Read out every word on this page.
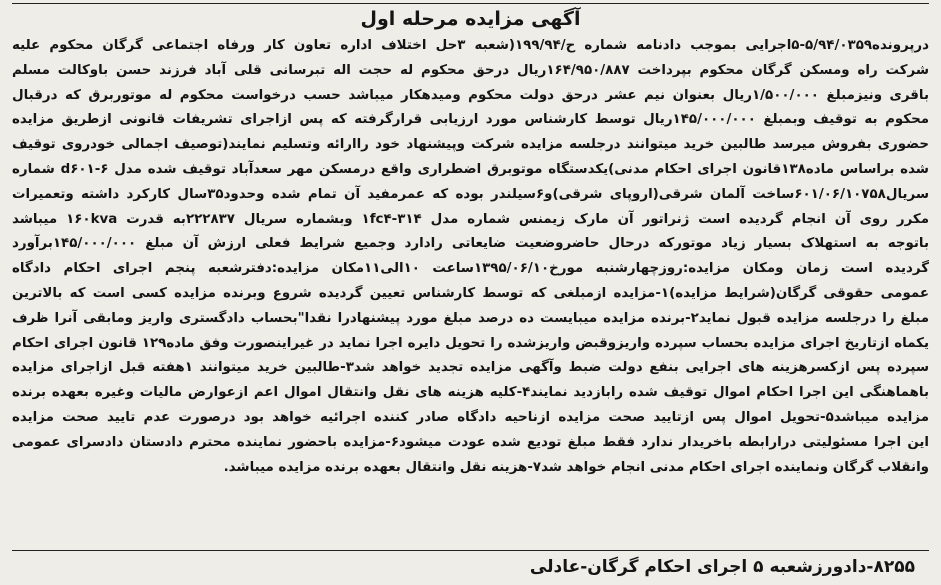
آگهی مزایده مرحله اول
درپرونده۵/۹۴/۰۳۵۹-۵اجرایی بموجب دادنامه شماره ح/۱۹۹/۹۴(شعبه ۳حل اختلاف اداره تعاون کار ورفاه اجتماعی گرگان محکوم علیه
شرکت راه ومسکن گرگان محکوم بپرداخت ۱۶۴/۹۵۰/۸۸۷ریال درحق محکوم له حجت اله تبرسانی قلی آباد فرزند حسن باوکالت مسلم
باقری ونیزمبلغ ۱/۵۰۰/۰۰۰ریال بعنوان نیم عشر درحق دولت محکوم ومیدهکار میباشد حسب درخواست محکوم له موتوربرق که درقبال
محکوم به توقیف وبمبلغ ۱۴۵/۰۰۰/۰۰۰ریال توسط کارشناس مورد ارزیابی قرارگرفته که پس ازاجرای تشریفات قانونی ازطریق مزایده
حضوری بفروش میرسد طالبین خرید میتوانند درجلسه مزایده شرکت وپیشنهاد خود راارائه وتسلیم نمایند(توصیف اجمالی خودروی توقیف
شده براساس ماده۱۳۸قانون اجرای احکام مدنی)یکدستگاه موتوبرق اضطراری واقع درمسکن مهر سعدآباد توقیف شده مدل d۶۰۱-۶ شماره
سریال۶۰۱/۰۶/۱۰۷۵۸ساخت آلمان شرقی(اروپای شرقی)و۶سیلندر بوده که عمرمفید آن تمام شده وحدود۳۵سال کارکرد داشته وتعمیرات
مکرر روی آن انجام گردیده است ژنراتور آن مارک زیمنس شماره مدل ۳۱۴-۱fc۴ وبشماره سریال ۲۲۲۸۳۷به قدرت ۱۶۰kva میباشد
باتوجه به استهلاک بسیار زیاد موتورکه درحال حاضروضعیت ضایعاتی رادارد وجمیع شرایط فعلی ارزش آن مبلغ ۱۴۵/۰۰۰/۰۰۰برآورد
گردیده است زمان ومکان مزایده:روزچهارشنبه مورخ۱۳۹۵/۰۶/۱۰ساعت ۱۰الی۱۱مکان مزایده:دفترشعبه پنجم اجرای احکام دادگاه
عمومی حقوقی گرگان(شرایط مزایده)۱-مزایده ازمبلغی که توسط کارشناس تعیین گردیده شروع وبرنده مزایده کسی است که بالاترین
مبلغ را درجلسه مزایده قبول نماید۲-برنده مزایده میبایست ده درصد مبلغ مورد پیشنهادرا نقدا"بحساب دادگستری واریز ومابقی آنرا ظرف
یکماه ازتاریخ اجرای مزایده بحساب سپرده واریزوقبض واریزشده را تحویل دایره اجرا نماید در غیراینصورت وفق ماده۱۲۹ قانون اجرای احکام
سپرده پس ازکسرهزینه های اجرایی بنفع دولت ضبط وآگهی مزایده تجدید خواهد شد۳-طالبین خرید میتوانند ۱هفته قبل ازاجرای مزایده
باهماهنگی این اجرا احکام اموال توقیف شده رابازدید نمایند۴-کلیه هزینه های نقل وانتقال اموال اعم ازعوارض مالیات وغیره بعهده برنده
مزایده میباشد۵-تحویل اموال پس ازتایید صحت مزایده ازناحیه دادگاه صادر کننده اجرائیه خواهد بود درصورت عدم تایید صحت مزایده
این اجرا مسئولیتی درارابطه باخریدار ندارد فقط مبلغ تودیع شده عودت میشود۶-مزایده باحضور نماینده محترم دادستان دادسرای عمومی
وانقلاب گرگان ونماینده اجرای احکام مدنی انجام خواهد شد۷-هزینه نقل وانتقال بعهده برنده مزایده میباشد.
۸۲۵۵-دادورزشعبه ۵ اجرای احکام گرگان-عادلی
